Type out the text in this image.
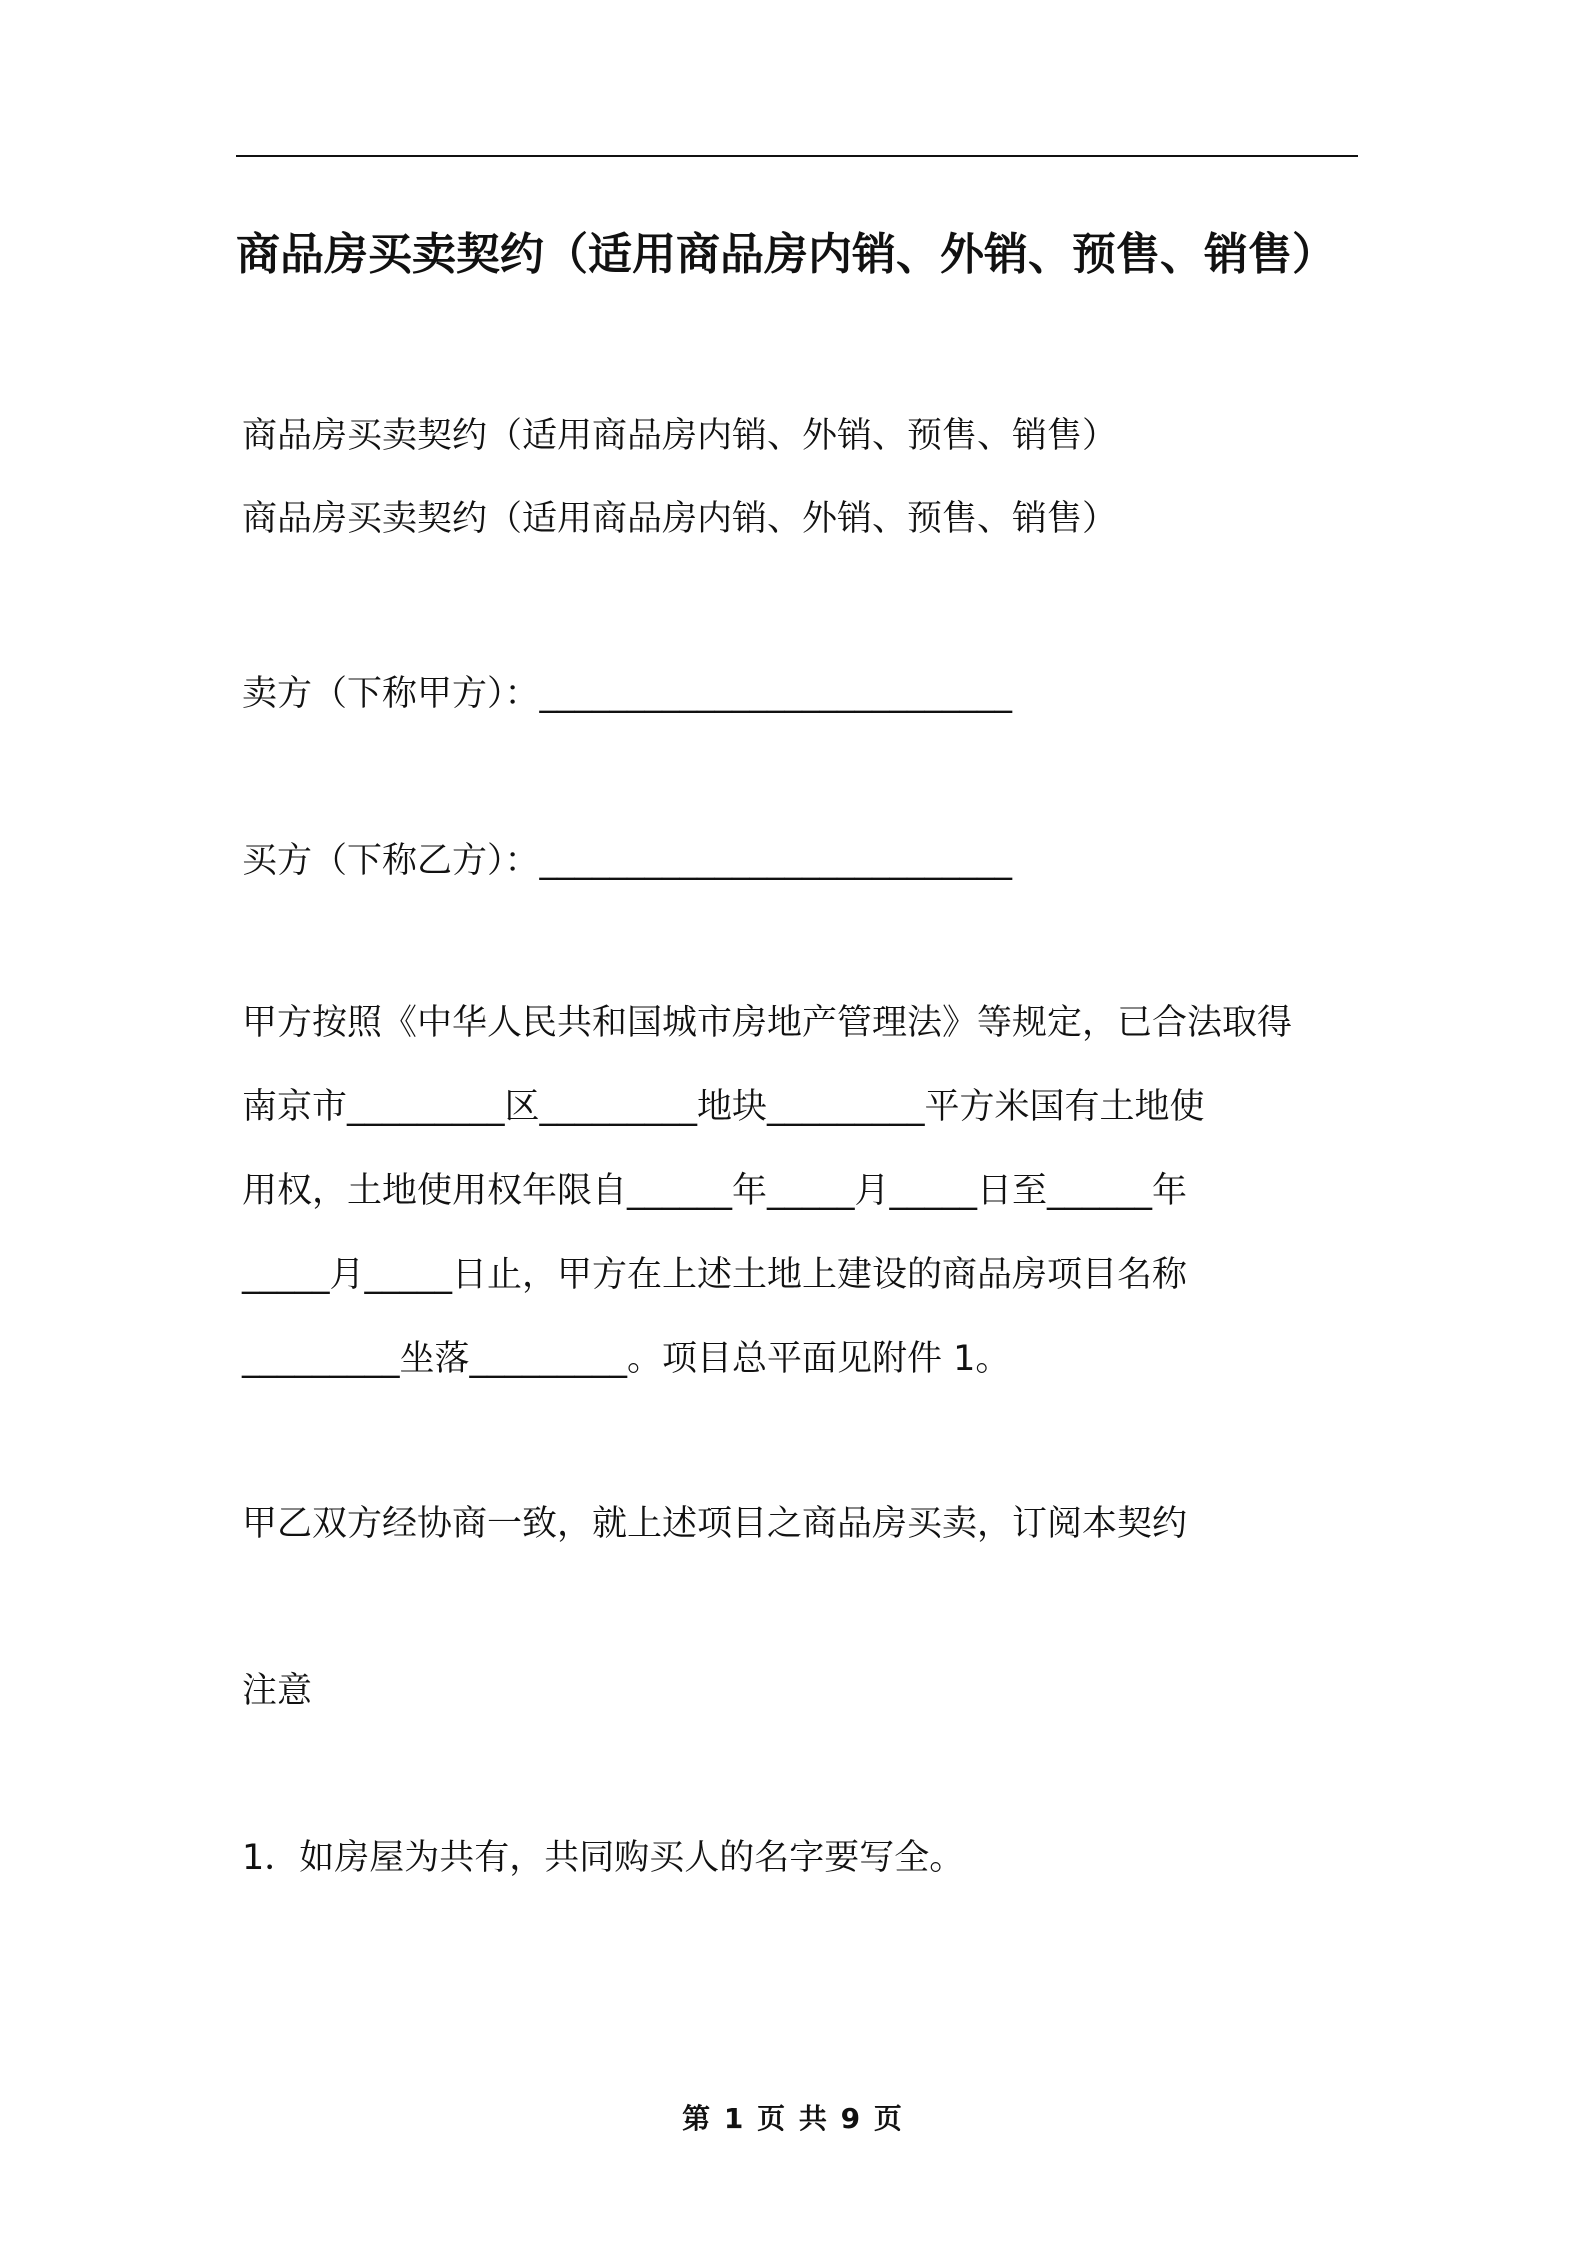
商品房买卖契约（适用商品房内销、外销、预售、销售）
商品房买卖契约（适用商品房内销、外销、预售、销售）
商品房买卖契约（适用商品房内销、外销、预售、销售）
卖方（下称甲方）：___________________________
买方（下称乙方）：___________________________
甲方按照《中华人民共和国城市房地产管理法》等规定，已合法取得
南京市_________区_________地块_________平方米国有土地使
用权，土地使用权年限自______年_____月_____日至______年
_____月_____日止，甲方在上述土地上建设的商品房项目名称
_________坐落_________。项目总平面见附件 1。
甲乙双方经协商一致，就上述项目之商品房买卖，订阅本契约
注意
1．如房屋为共有，共同购买人的名字要写全。
第 1 页 共 9 页
